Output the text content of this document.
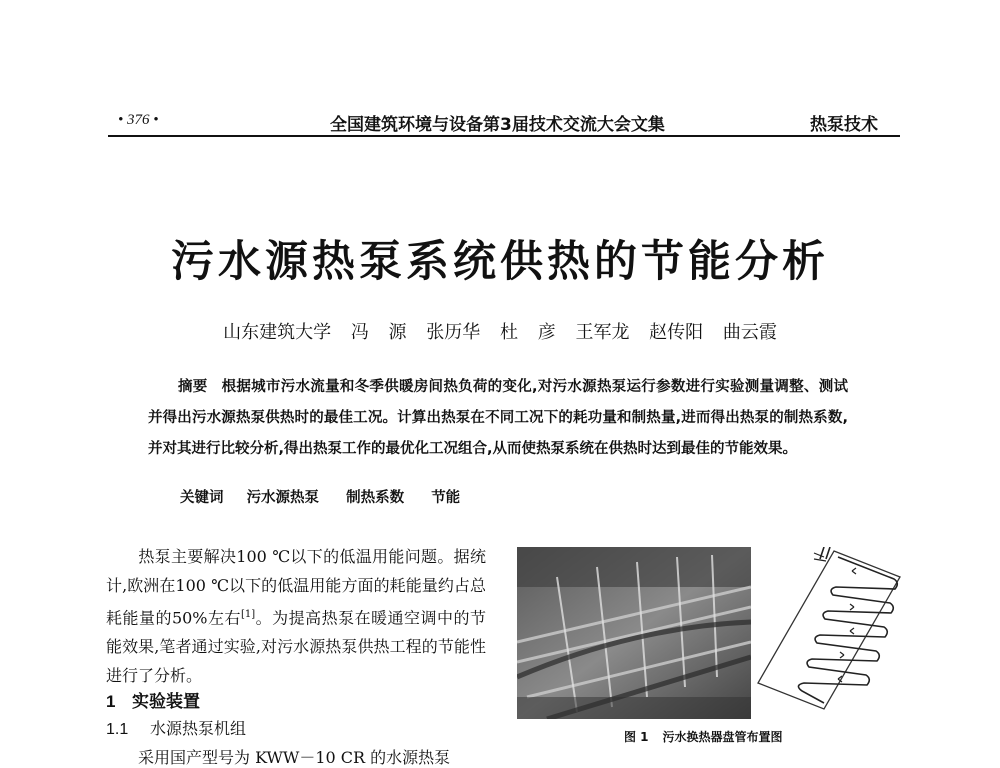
• 376 •	全国建筑环境与设备第3届技术交流大会文集	热泵技术
污水源热泵系统供热的节能分析
山东建筑大学 冯 源 张历华 杜 彦 王军龙 赵传阳 曲云霞
摘要 根据城市污水流量和冬季供暖房间热负荷的变化,对污水源热泵运行参数进行实验测量调整、测试并得出污水源热泵供热时的最佳工况。计算出热泵在不同工况下的耗功量和制热量,进而得出热泵的制热系数,并对其进行比较分析,得出热泵工作的最优化工况组合,从而使热泵系统在供热时达到最佳的节能效果。
关键词 污水源热泵 制热系数 节能
热泵主要解决100 ℃以下的低温用能问题。据统计,欧洲在100 ℃以下的低温用能方面的耗能量约占总耗能量的50%左右[1]。为提高热泵在暖通空调中的节能效果,笔者通过实验,对污水源热泵供热工程的节能性进行了分析。
1 实验装置
1.1 水源热泵机组
采用国产型号为 KWW－10 CR 的水源热泵
图 1 污水换热器盘管布置图
